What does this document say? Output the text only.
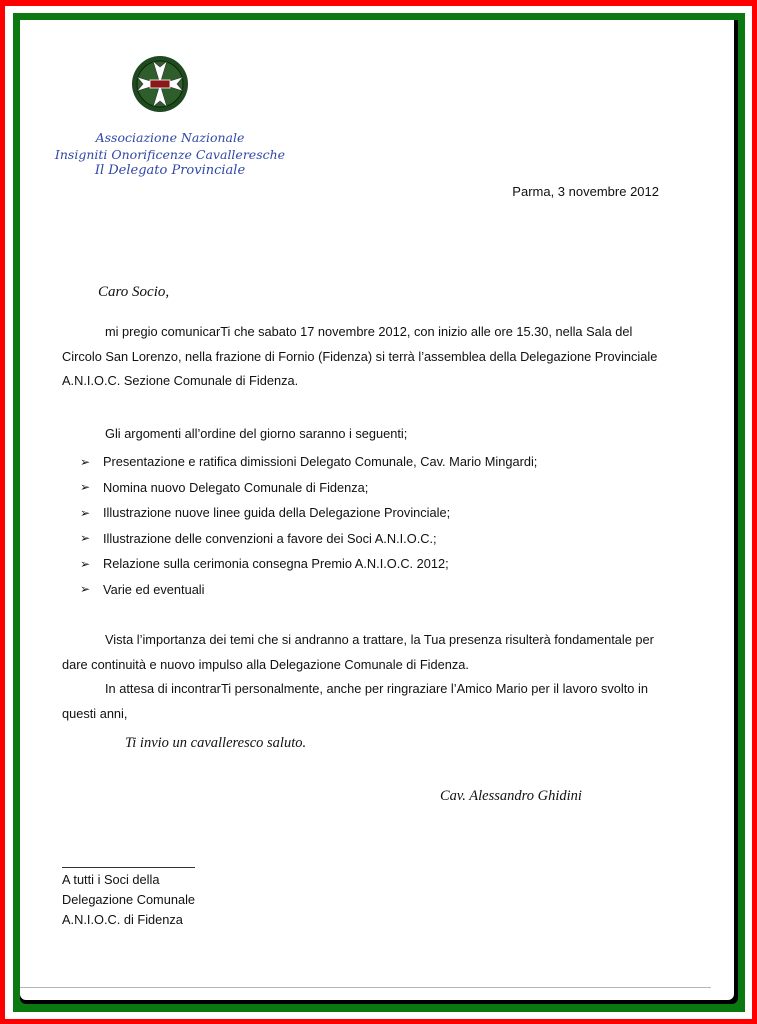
Associazione Nazionale
Insigniti Onorificenze Cavalleresche
Il Delegato Provinciale
Parma, 3 novembre 2012
Caro Socio,
mi pregio comunicarTi che sabato 17 novembre 2012, con inizio alle ore 15.30, nella Sala del Circolo San Lorenzo, nella frazione di Fornio (Fidenza) si terrà l’assemblea della Delegazione Provinciale A.N.I.O.C. Sezione Comunale di Fidenza.
Gli argomenti all’ordine del giorno saranno i seguenti;
➢	Presentazione e ratifica dimissioni Delegato Comunale, Cav. Mario Mingardi;
➢	Nomina nuovo Delegato Comunale di Fidenza;
➢	Illustrazione nuove linee guida della Delegazione Provinciale;
➢	Illustrazione delle convenzioni a favore dei Soci A.N.I.O.C.;
➢	Relazione sulla cerimonia consegna Premio A.N.I.O.C. 2012;
➢	Varie ed eventuali
Vista l’importanza dei temi che si andranno a trattare, la Tua presenza risulterà fondamentale per dare continuità e nuovo impulso alla Delegazione Comunale di Fidenza.
In attesa di incontrarTi personalmente, anche per ringraziare l’Amico Mario per il lavoro svolto in questi anni,
Ti invio un cavalleresco saluto.
Cav. Alessandro Ghidini
A tutti i Soci della
Delegazione Comunale
A.N.I.O.C. di Fidenza
